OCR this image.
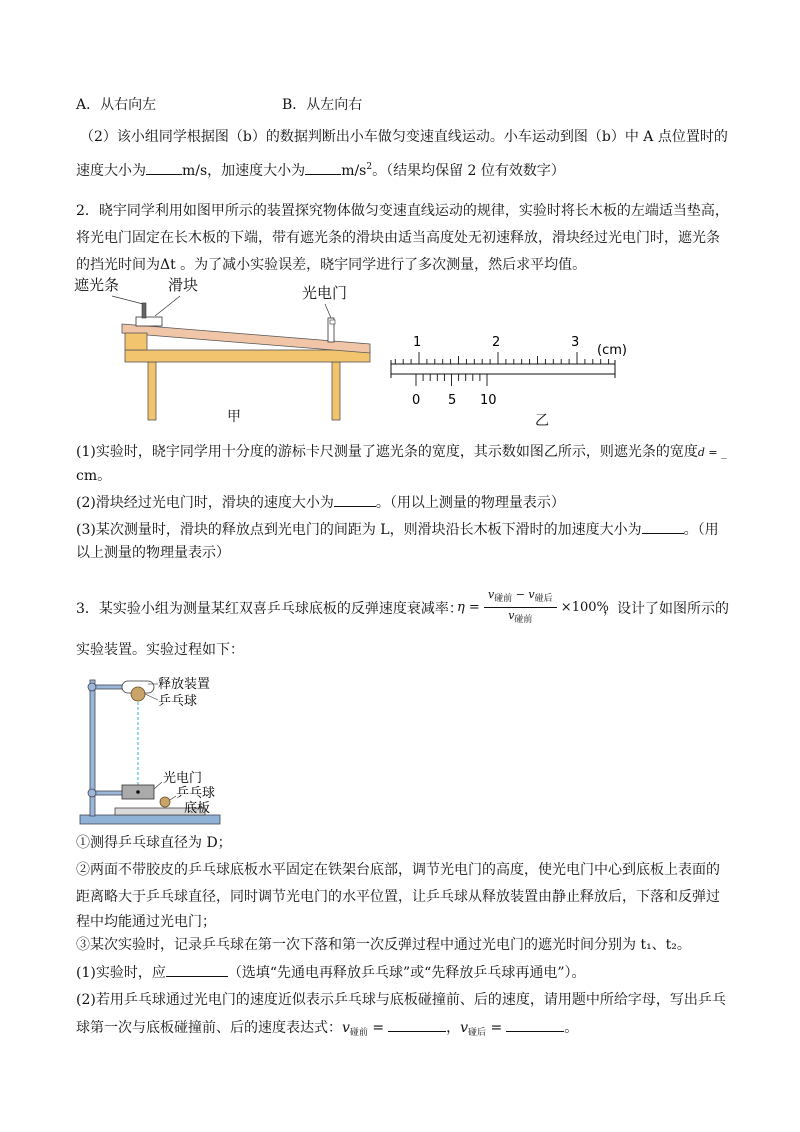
A．从右向左	B．从左向右
（2）该小组同学根据图（b）的数据判断出小车做匀变速直线运动。小车运动到图（b）中 A 点位置时的
速度大小为	m/s，加速度大小为	$m/s^2$。（结果均保留 2 位有效数字）
2．晓宇同学利用如图甲所示的装置探究物体做匀变速直线运动的规律，实验时将长木板的左端适当垫高，
将光电门固定在长木板的下端，带有遮光条的滑块由适当高度处无初速释放，滑块经过光电门时，遮光条
的挡光时间为Δt 。为了减小实验误差，晓宇同学进行了多次测量，然后求平均值。
遮光条	滑块	光电门
甲
1	2	3
(cm)
0 5 10
乙
(1)实验时，晓宇同学用十分度的游标卡尺测量了遮光条的宽度，其示数如图乙所示，则遮光条的宽度d = _
cm。
(2)滑块经过光电门时，滑块的速度大小为	。（用以上测量的物理量表示）
(3)某次测量时，滑块的释放点到光电门的间距为 L，则滑块沿长木板下滑时的加速度大小为	。（用
以上测量的物理量表示）
3．某实验小组为测量某红双喜乒乓球底板的反弹速度衰减率：
$\eta = \frac{v_{碰前} - v_{碰后}}{v_{碰前}} \times 100\%$
，设计了如图所示的
实验装置。实验过程如下：
释放装置
乒乓球
光电门
乒乓球
底板
①测得乒乓球直径为 D；
②两面不带胶皮的乒乓球底板水平固定在铁架台底部，调节光电门的高度，使光电门中心到底板上表面的
距离略大于乒乓球直径，同时调节光电门的水平位置，让乒乓球从释放装置由静止释放后，下落和反弹过
程中均能通过光电门；
③某次实验时，记录乒乓球在第一次下落和第一次反弹过程中通过光电门的遮光时间分别为 t₁、t₂。
(1)实验时，应	（选填“先通电再释放乒乓球”或“先释放乒乓球再通电”）。
(2)若用乒乓球通过光电门的速度近似表示乒乓球与底板碰撞前、后的速度，请用题中所给字母，写出乒乓
球第一次与底板碰撞前、后的速度表达式：$v_{碰前}$ =	，$v_{碰后}$ =	。
